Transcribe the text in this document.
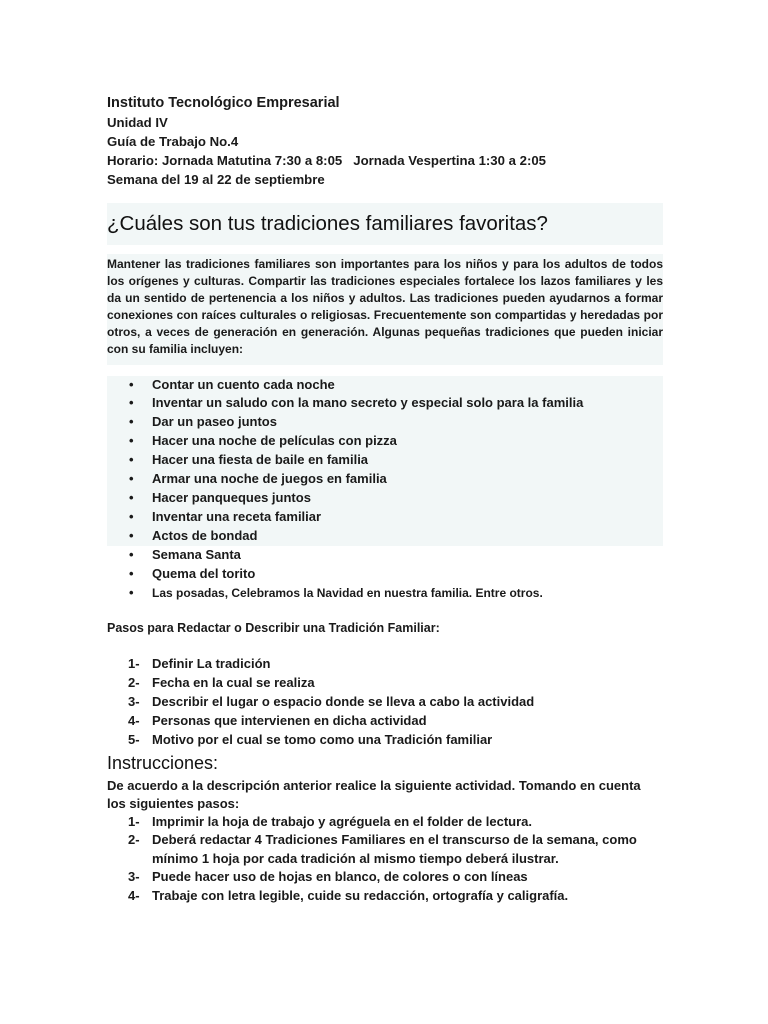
Instituto Tecnológico Empresarial
Unidad IV
Guía de Trabajo No.4
Horario: Jornada Matutina 7:30 a 8:05   Jornada Vespertina 1:30 a 2:05
Semana del 19 al 22 de septiembre
¿Cuáles son tus tradiciones familiares favoritas?

Mantener las tradiciones familiares son importantes para los niños y para los adultos de todos los orígenes y culturas. Compartir las tradiciones especiales fortalece los lazos familiares y les da un sentido de pertenencia a los niños y adultos. Las tradiciones pueden ayudarnos a formar conexiones con raíces culturales o religiosas. Frecuentemente son compartidas y heredadas por otros, a veces de generación en generación. Algunas pequeñas tradiciones que pueden iniciar con su familia incluyen:

• Contar un cuento cada noche
• Inventar un saludo con la mano secreto y especial solo para la familia
• Dar un paseo juntos
• Hacer una noche de películas con pizza
• Hacer una fiesta de baile en familia
• Armar una noche de juegos en familia
• Hacer panqueques juntos
• Inventar una receta familiar
• Actos de bondad
• Semana Santa
• Quema del torito
• Las posadas, Celebramos la Navidad en nuestra familia. Entre otros.
Pasos para Redactar o Describir una Tradición Familiar:
1- Definir La tradición
2- Fecha en la cual se realiza
3- Describir el lugar o espacio donde se lleva a cabo la actividad
4- Personas que intervienen en dicha actividad
5- Motivo por el cual se tomo como una Tradición familiar
Instrucciones:

De acuerdo a la descripción anterior realice la siguiente actividad. Tomando en cuenta los siguientes pasos:

1- Imprimir la hoja de trabajo y agréguela en el folder de lectura.
2- Deberá redactar 4 Tradiciones Familiares en el transcurso de la semana, como mínimo 1 hoja por cada tradición al mismo tiempo deberá ilustrar.
3- Puede hacer uso de hojas en blanco, de colores o con líneas
4- Trabaje con letra legible, cuide su redacción, ortografía y caligrafía.
